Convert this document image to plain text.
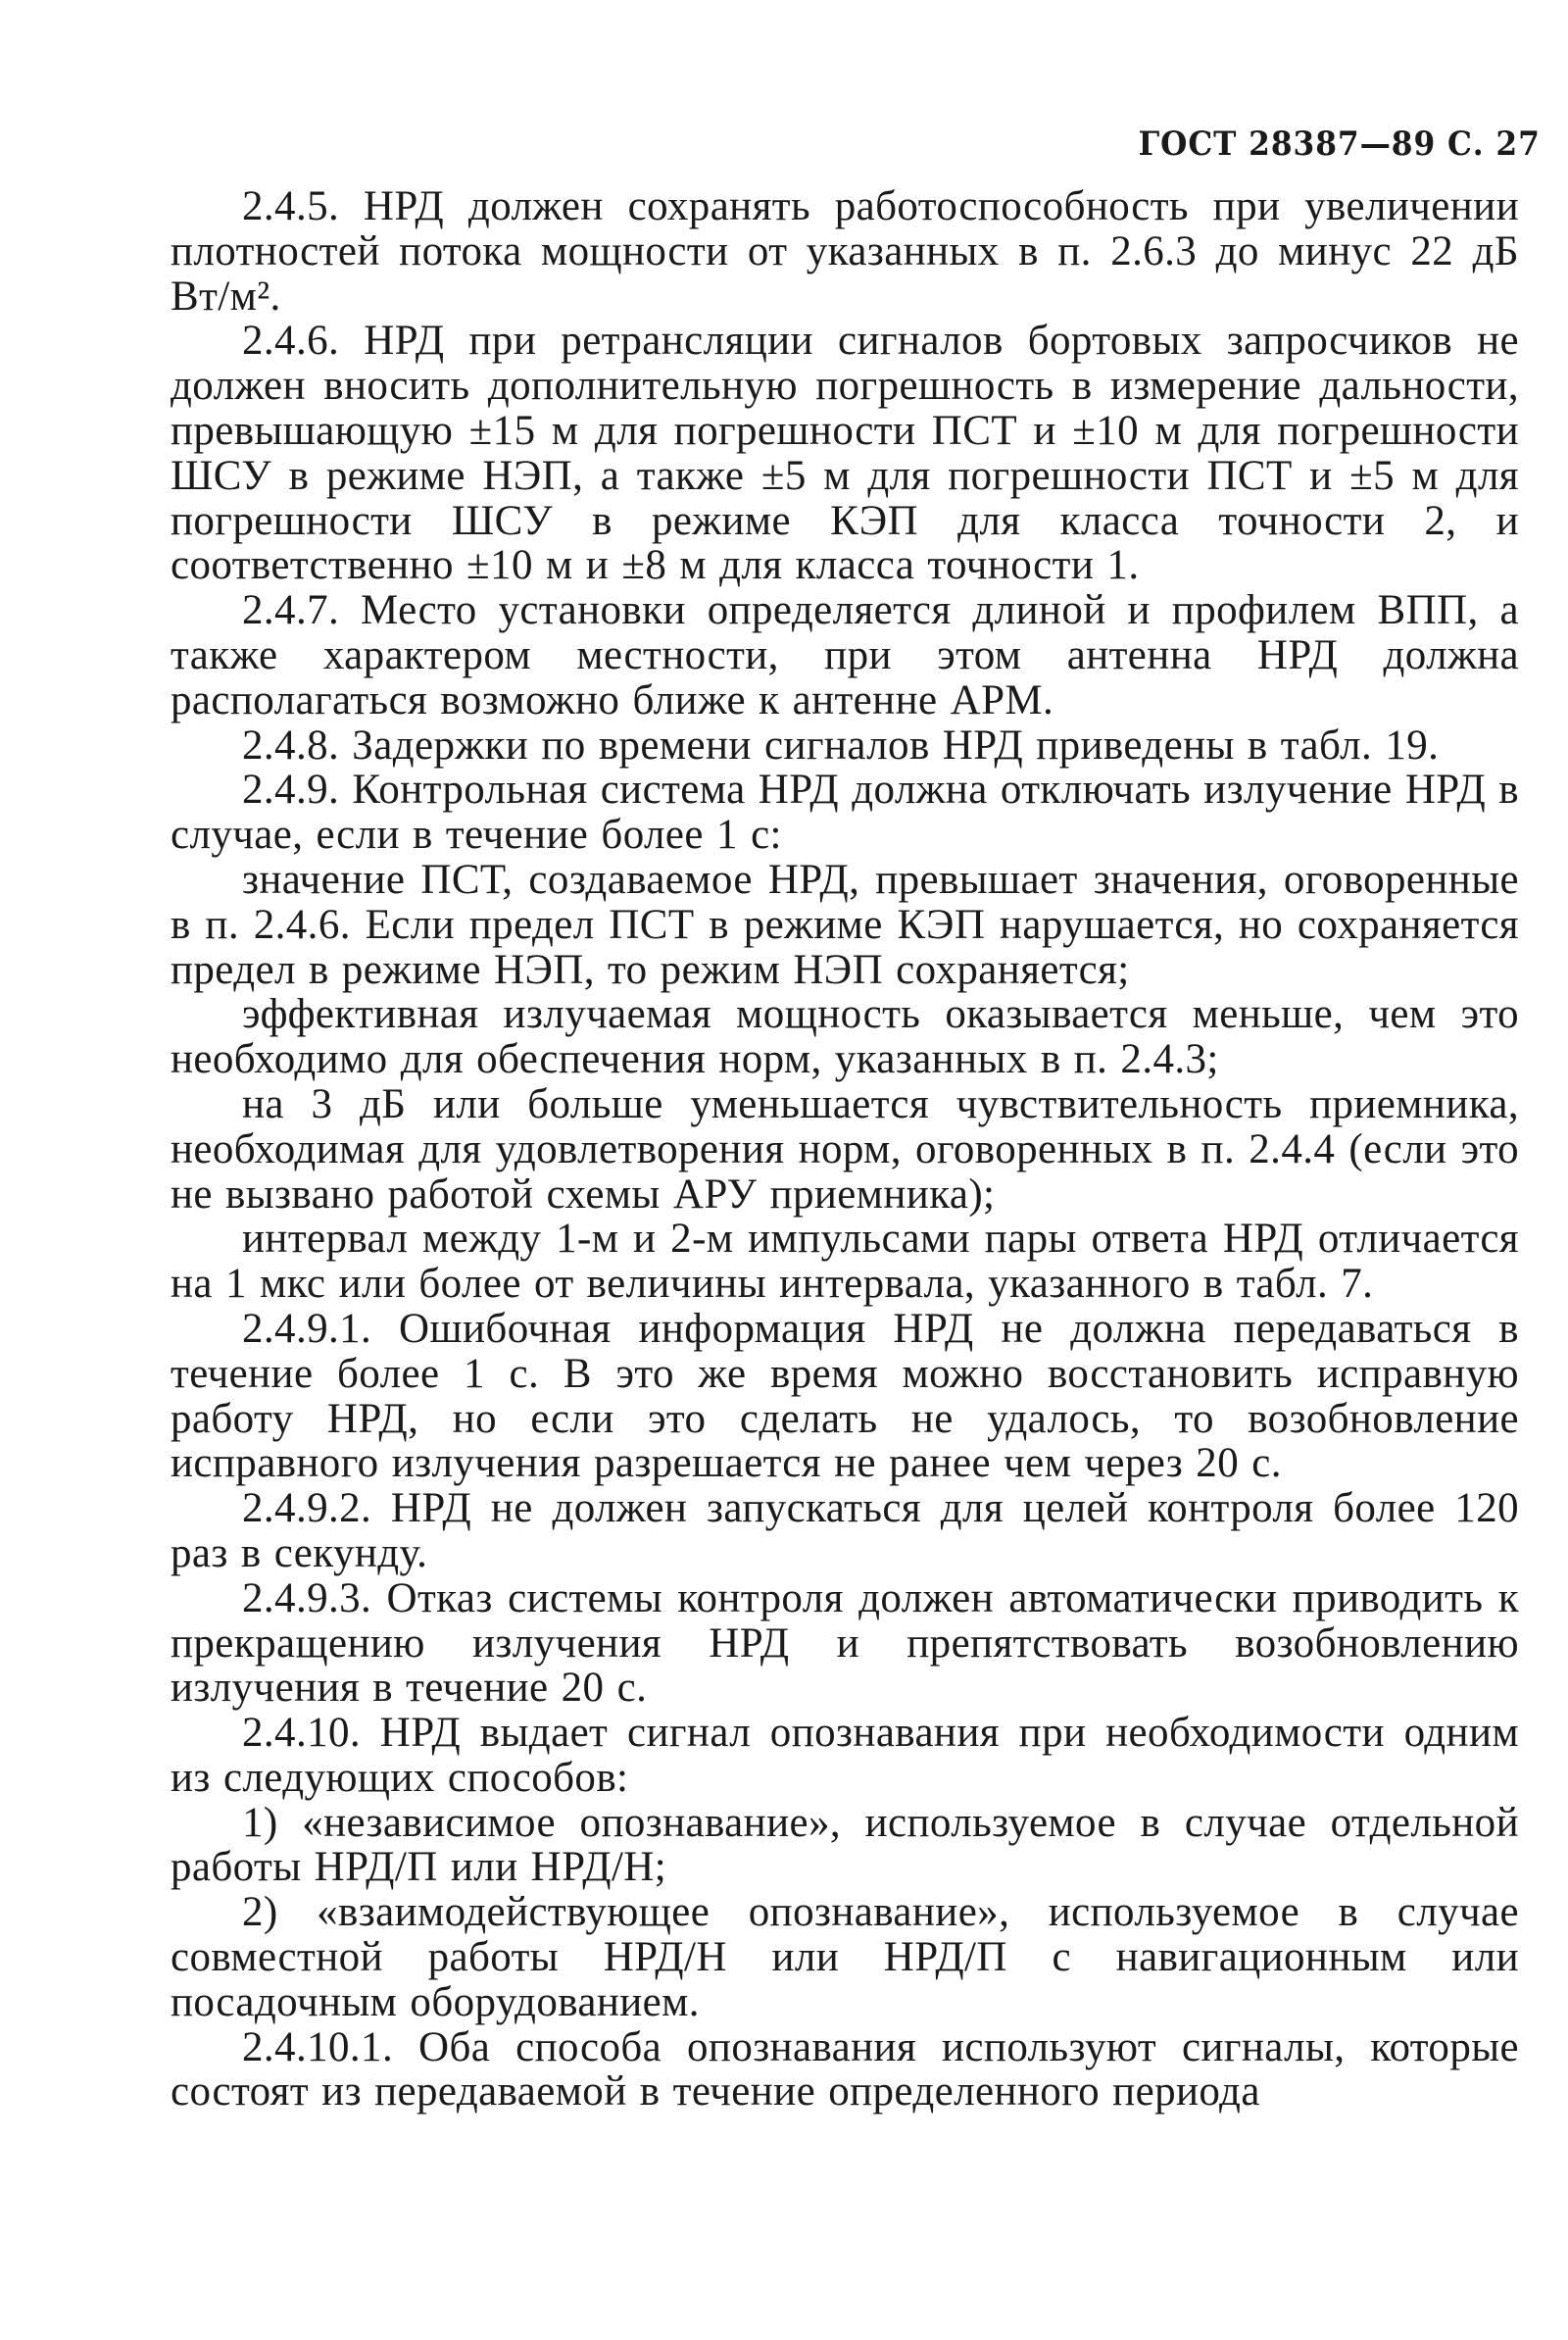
ГОСТ 28387—89 С. 27

2.4.5. НРД должен сохранять работоспособность при увеличении плотностей потока мощности от указанных в п. 2.6.3 до минус 22 дБ Вт/м².

2.4.6. НРД при ретрансляции сигналов бортовых запросчиков не должен вносить дополнительную погрешность в измерение дальности, превышающую ±15 м для погрешности ПСТ и ±10 м для погрешности ШСУ в режиме НЭП, а также ±5 м для погрешности ПСТ и ±5 м для погрешности ШСУ в режиме КЭП для класса точности 2, и соответственно ±10 м и ±8 м для класса точности 1.

2.4.7. Место установки определяется длиной и профилем ВПП, а также характером местности, при этом антенна НРД должна располагаться возможно ближе к антенне АРМ.

2.4.8. Задержки по времени сигналов НРД приведены в табл. 19.

2.4.9. Контрольная система НРД должна отключать излучение НРД в случае, если в течение более 1 с:

значение ПСТ, создаваемое НРД, превышает значения, оговоренные в п. 2.4.6. Если предел ПСТ в режиме КЭП нарушается, но сохраняется предел в режиме НЭП, то режим НЭП сохраняется;

эффективная излучаемая мощность оказывается меньше, чем это необходимо для обеспечения норм, указанных в п. 2.4.3;

на 3 дБ или больше уменьшается чувствительность приемника, необходимая для удовлетворения норм, оговоренных в п. 2.4.4 (если это не вызвано работой схемы АРУ приемника);

интервал между 1-м и 2-м импульсами пары ответа НРД отличается на 1 мкс или более от величины интервала, указанного в табл. 7.

2.4.9.1. Ошибочная информация НРД не должна передаваться в течение более 1 с. В это же время можно восстановить исправную работу НРД, но если это сделать не удалось, то возобновление исправного излучения разрешается не ранее чем через 20 с.

2.4.9.2. НРД не должен запускаться для целей контроля более 120 раз в секунду.

2.4.9.3. Отказ системы контроля должен автоматически приводить к прекращению излучения НРД и препятствовать возобновлению излучения в течение 20 с.

2.4.10. НРД выдает сигнал опознавания при необходимости одним из следующих способов:

1) «независимое опознавание», используемое в случае отдельной работы НРД/П или НРД/Н;

2) «взаимодействующее опознавание», используемое в случае совместной работы НРД/Н или НРД/П с навигационным или посадочным оборудованием.

2.4.10.1. Оба способа опознавания используют сигналы, которые состоят из передаваемой в течение определенного периода
